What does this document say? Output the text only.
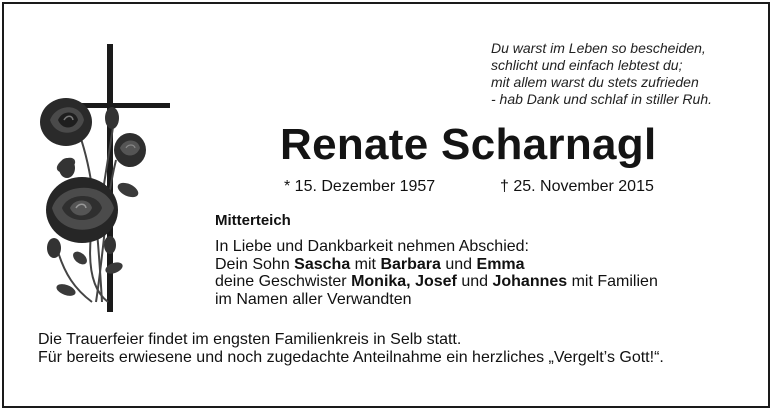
Du warst im Leben so bescheiden,
schlicht und einfach lebtest du;
mit allem warst du stets zufrieden
- hab Dank und schlaf in stiller Ruh.
Renate Scharnagl
* 15. Dezember 1957	† 25. November 2015
Mitterteich
In Liebe und Dankbarkeit nehmen Abschied:
Dein Sohn Sascha mit Barbara und Emma
deine Geschwister Monika, Josef und Johannes mit Familien
im Namen aller Verwandten
Die Trauerfeier findet im engsten Familienkreis in Selb statt.
Für bereits erwiesene und noch zugedachte Anteilnahme ein herzliches „Vergelt’s Gott!“.
